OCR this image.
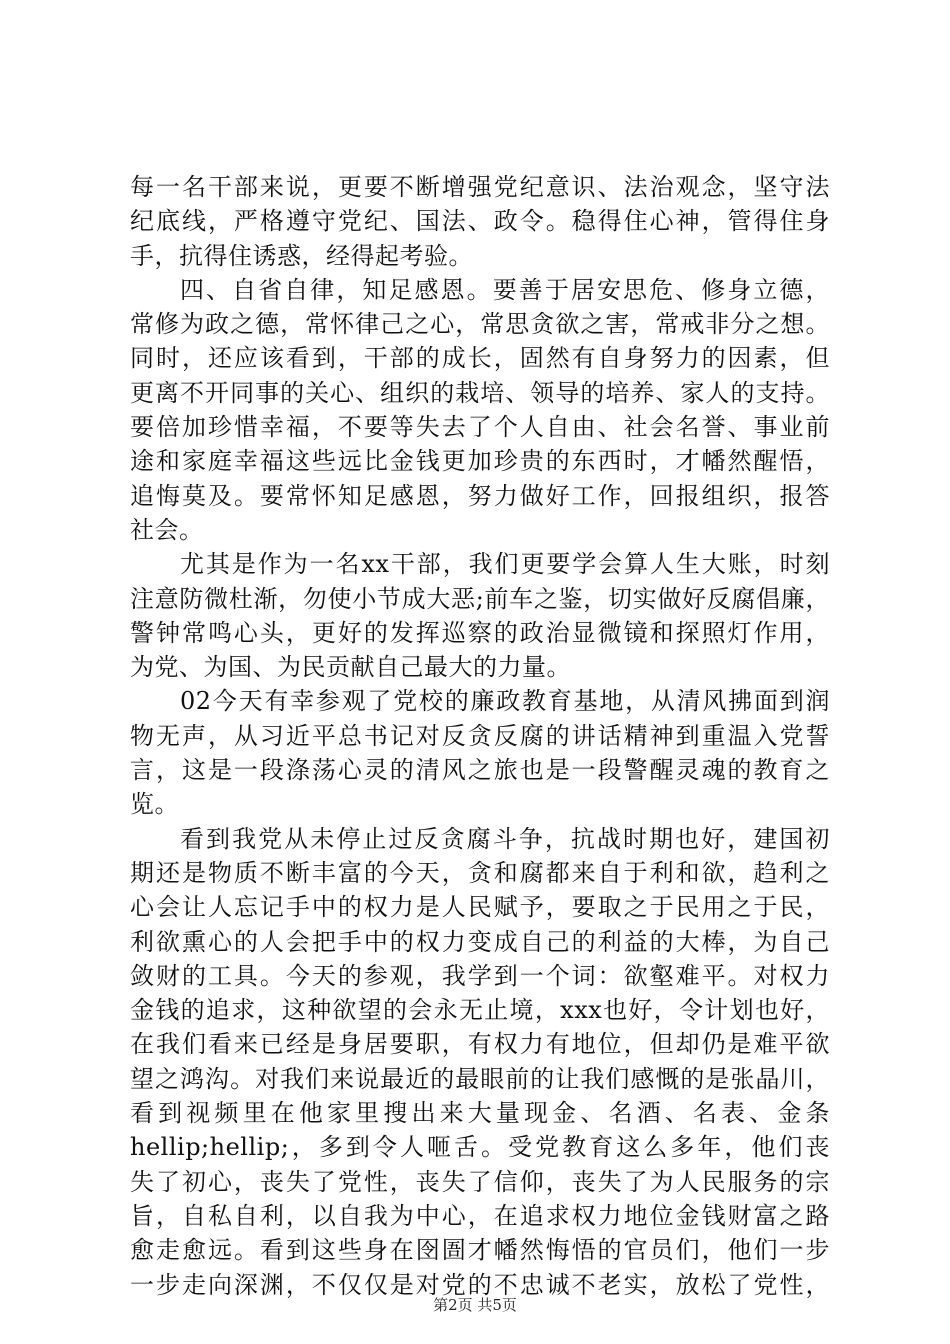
每一名干部来说，更要不断增强党纪意识、法治观念，坚守法
纪底线，严格遵守党纪、国法、政令。稳得住心神，管得住身
手，抗得住诱惑，经得起考验。
四、自省自律，知足感恩。要善于居安思危、修身立德，
常修为政之德，常怀律己之心，常思贪欲之害，常戒非分之想。
同时，还应该看到，干部的成长，固然有自身努力的因素，但
更离不开同事的关心、组织的栽培、领导的培养、家人的支持。
要倍加珍惜幸福，不要等失去了个人自由、社会名誉、事业前
途和家庭幸福这些远比金钱更加珍贵的东西时，才幡然醒悟，
追悔莫及。要常怀知足感恩，努力做好工作，回报组织，报答
社会。
尤其是作为一名xx干部，我们更要学会算人生大账，时刻
注意防微杜渐，勿使小节成大恶;前车之鉴，切实做好反腐倡廉，
警钟常鸣心头，更好的发挥巡察的政治显微镜和探照灯作用，
为党、为国、为民贡献自己最大的力量。
02今天有幸参观了党校的廉政教育基地，从清风拂面到润
物无声，从习近平总书记对反贪反腐的讲话精神到重温入党誓
言，这是一段涤荡心灵的清风之旅也是一段警醒灵魂的教育之
览。
看到我党从未停止过反贪腐斗争，抗战时期也好，建国初
期还是物质不断丰富的今天，贪和腐都来自于利和欲，趋利之
心会让人忘记手中的权力是人民赋予，要取之于民用之于民，
利欲熏心的人会把手中的权力变成自己的利益的大棒，为自己
敛财的工具。今天的参观，我学到一个词：欲壑难平。对权力
金钱的追求，这种欲望的会永无止境，xxx也好，令计划也好，
在我们看来已经是身居要职，有权力有地位，但却仍是难平欲
望之鸿沟。对我们来说最近的最眼前的让我们感慨的是张晶川，
看到视频里在他家里搜出来大量现金、名酒、名表、金条
hellip;hellip;，多到令人咂舌。受党教育这么多年，他们丧
失了初心，丧失了党性，丧失了信仰，丧失了为人民服务的宗
旨，自私自利，以自我为中心，在追求权力地位金钱财富之路
愈走愈远。看到这些身在囹圄才幡然悔悟的官员们，他们一步
一步走向深渊，不仅仅是对党的不忠诚不老实，放松了党性，
第2页 共5页
